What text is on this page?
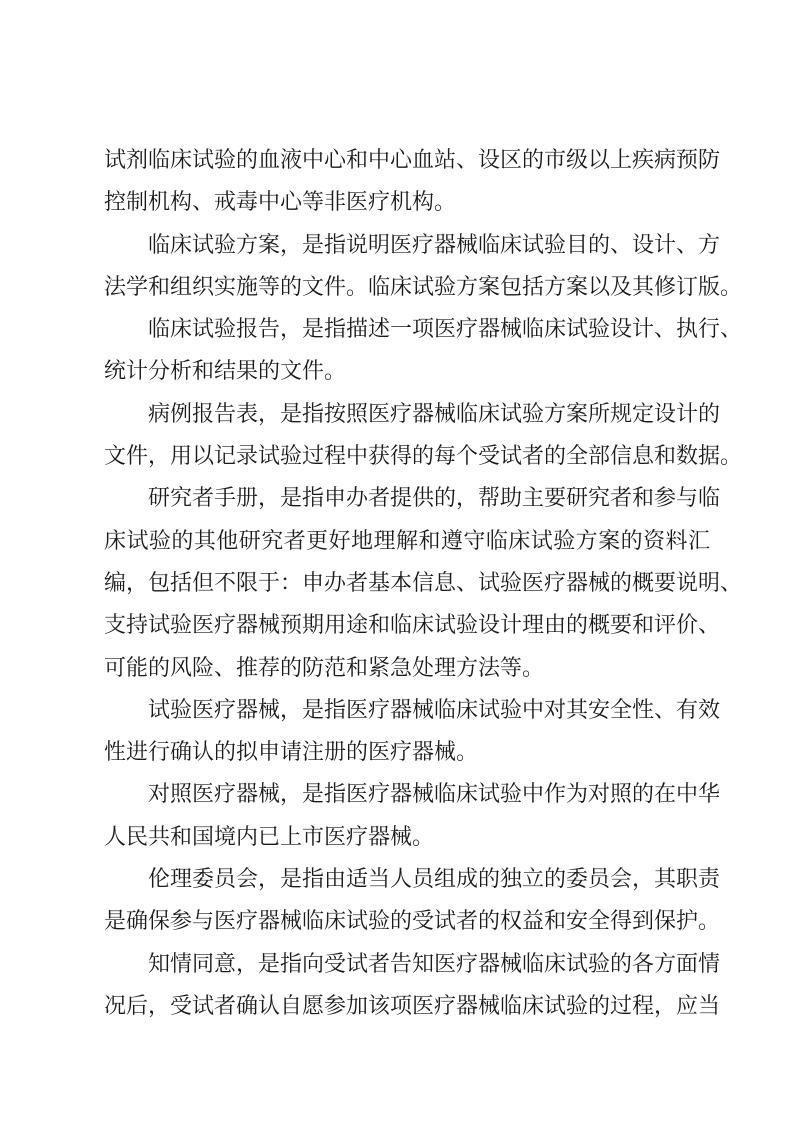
试剂临床试验的血液中心和中心血站、设区的市级以上疾病预防
控制机构、戒毒中心等非医疗机构。
临床试验方案，是指说明医疗器械临床试验目的、设计、方
法学和组织实施等的文件。临床试验方案包括方案以及其修订版。
临床试验报告，是指描述一项医疗器械临床试验设计、执行、
统计分析和结果的文件。
病例报告表，是指按照医疗器械临床试验方案所规定设计的
文件，用以记录试验过程中获得的每个受试者的全部信息和数据。
研究者手册，是指申办者提供的，帮助主要研究者和参与临
床试验的其他研究者更好地理解和遵守临床试验方案的资料汇
编，包括但不限于：申办者基本信息、试验医疗器械的概要说明、
支持试验医疗器械预期用途和临床试验设计理由的概要和评价、
可能的风险、推荐的防范和紧急处理方法等。
试验医疗器械，是指医疗器械临床试验中对其安全性、有效
性进行确认的拟申请注册的医疗器械。
对照医疗器械，是指医疗器械临床试验中作为对照的在中华
人民共和国境内已上市医疗器械。
伦理委员会，是指由适当人员组成的独立的委员会，其职责
是确保参与医疗器械临床试验的受试者的权益和安全得到保护。
知情同意，是指向受试者告知医疗器械临床试验的各方面情
况后，受试者确认自愿参加该项医疗器械临床试验的过程，应当
